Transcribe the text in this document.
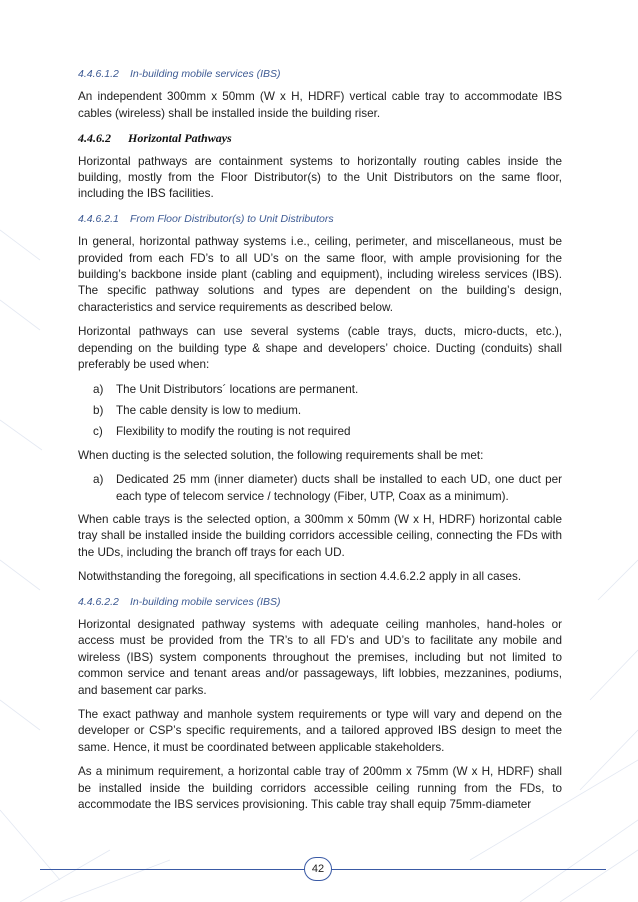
4.4.6.1.2 In-building mobile services (IBS)

An independent 300mm x 50mm (W x H, HDRF) vertical cable tray to accommodate IBS cables (wireless) shall be installed inside the building riser.

4.4.6.2 Horizontal Pathways

Horizontal pathways are containment systems to horizontally routing cables inside the building, mostly from the Floor Distributor(s) to the Unit Distributors on the same floor, including the IBS facilities.

4.4.6.2.1 From Floor Distributor(s) to Unit Distributors

In general, horizontal pathway systems i.e., ceiling, perimeter, and miscellaneous, must be provided from each FD’s to all UD’s on the same floor, with ample provisioning for the building’s backbone inside plant (cabling and equipment), including wireless services (IBS). The specific pathway solutions and types are dependent on the building’s design, characteristics and service requirements as described below.

Horizontal pathways can use several systems (cable trays, ducts, micro-ducts, etc.), depending on the building type & shape and developers’ choice. Ducting (conduits) shall preferably be used when:

a)	The Unit Distributors´ locations are permanent.
b)	The cable density is low to medium.
c)	Flexibility to modify the routing is not required

When ducting is the selected solution, the following requirements shall be met:

a)	Dedicated 25 mm (inner diameter) ducts shall be installed to each UD, one duct per each type of telecom service / technology (Fiber, UTP, Coax as a minimum).

When cable trays is the selected option, a 300mm x 50mm (W x H, HDRF) horizontal cable tray shall be installed inside the building corridors accessible ceiling, connecting the FDs with the UDs, including the branch off trays for each UD.

Notwithstanding the foregoing, all specifications in section 4.4.6.2.2 apply in all cases.

4.4.6.2.2 In-building mobile services (IBS)

Horizontal designated pathway systems with adequate ceiling manholes, hand-holes or access must be provided from the TR’s to all FD’s and UD’s to facilitate any mobile and wireless (IBS) system components throughout the premises, including but not limited to common service and tenant areas and/or passageways, lift lobbies, mezzanines, podiums, and basement car parks.

The exact pathway and manhole system requirements or type will vary and depend on the developer or CSP’s specific requirements, and a tailored approved IBS design to meet the same. Hence, it must be coordinated between applicable stakeholders.

As a minimum requirement, a horizontal cable tray of 200mm x 75mm (W x H, HDRF) shall be installed inside the building corridors accessible ceiling running from the FDs, to accommodate the IBS services provisioning. This cable tray shall equip 75mm-diameter

42
